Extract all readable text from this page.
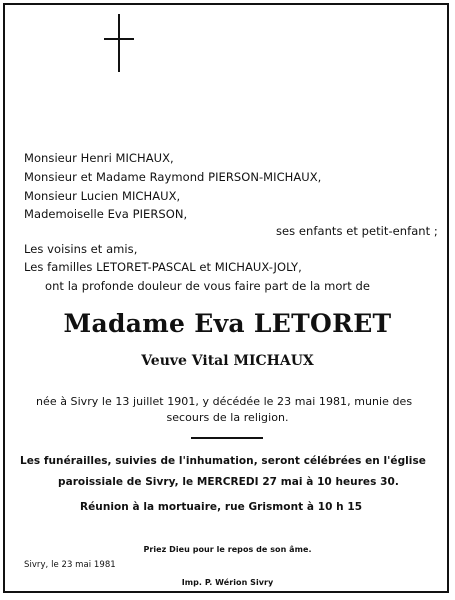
Monsieur Henri MICHAUX,
Monsieur et Madame Raymond PIERSON-MICHAUX,
Monsieur Lucien MICHAUX,
Mademoiselle Eva PIERSON,
ses enfants et petit-enfant ;
Les voisins et amis,
Les familles LETORET-PASCAL et MICHAUX-JOLY,
ont la profonde douleur de vous faire part de la mort de
Madame Eva LETORET
Veuve Vital MICHAUX
née à Sivry le 13 juillet 1901, y décédée le 23 mai 1981, munie des
secours de la religion.
Les funérailles, suivies de l'inhumation, seront célébrées en l'église
paroissiale de Sivry, le MERCREDI 27 mai à 10 heures 30.
Réunion à la mortuaire, rue Grismont à 10 h 15
Priez Dieu pour le repos de son âme.
Sivry, le 23 mai 1981
Imp. P. Wérion Sivry
